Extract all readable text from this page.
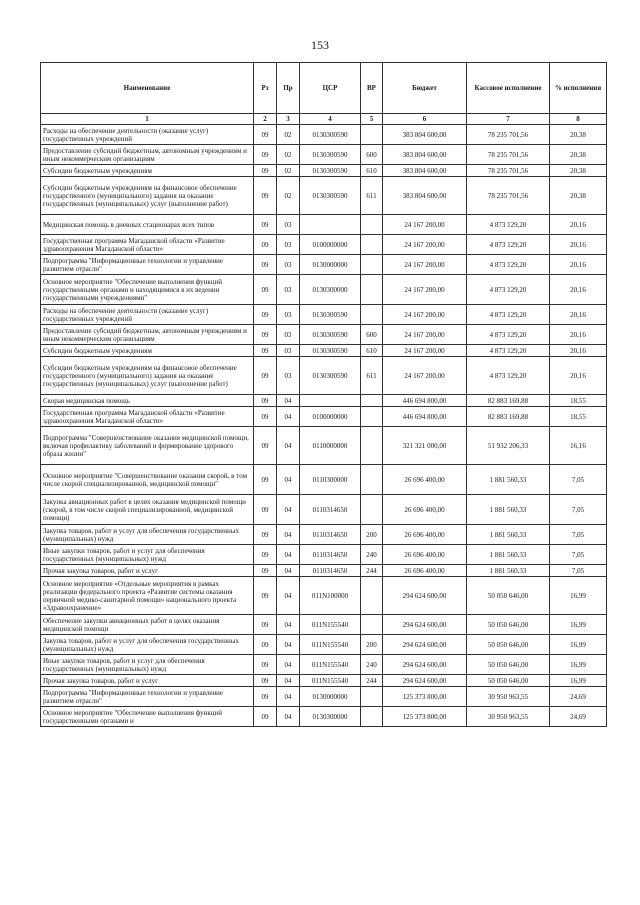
153
Наименование	Рз	Пр	ЦСР	ВР	Бюджет	Кассовое исполнение	% исполнения
1	2	3	4	5	6	7	8
Расходы на обеспечение деятельности (оказание услуг) государственных учреждений	09	02	0130300590		383 804 600,00	78 235 701,56	20,38
Предоставление субсидий бюджетным, автономным учреждениям и иным некоммерческим организациям	09	02	0130300590	600	383 804 600,00	78 235 701,56	20,38
Субсидии бюджетным учреждениям	09	02	0130300590	610	383 804 600,00	78 235 701,56	20,38
Субсидии бюджетным учреждениям на финансовое обеспечение государственного (муниципального) задания на оказание государственных (муниципальных) услуг (выполнение работ)	09	02	0130300590	611	383 804 600,00	78 235 701,56	20,38
Медицинская помощь в дневных стационарах всех типов	09	03			24 167 200,00	4 873 129,20	20,16
Государственная программа Магаданской области «Развитие здравоохранения Магаданской области»	09	03	0100000000		24 167 200,00	4 873 129,20	20,16
Подпрограмма "Информационные технологии и управление развитием отрасли"	09	03	0130000000		24 167 200,00	4 873 129,20	20,16
Основное мероприятие "Обеспечение выполнения функций государственными органами и находящимися в их ведении государственными учреждениями"	09	03	0130300000		24 167 200,00	4 873 129,20	20,16
Расходы на обеспечение деятельности (оказание услуг) государственных учреждений	09	03	0130300590		24 167 200,00	4 873 129,20	20,16
Предоставление субсидий бюджетным, автономным учреждениям и иным некоммерческим организациям	09	03	0130300590	600	24 167 200,00	4 873 129,20	20,16
Субсидии бюджетным учреждениям	09	03	0130300590	610	24 167 200,00	4 873 129,20	20,16
Субсидии бюджетным учреждениям на финансовое обеспечение государственного (муниципального) задания на оказание государственных (муниципальных) услуг (выполнение работ)	09	03	0130300590	611	24 167 200,00	4 873 129,20	20,16
Скорая медицинская помощь	09	04			446 694 800,00	82 883 169,88	18,55
Государственная программа Магаданской области «Развитие здравоохранения Магаданской области»	09	04	0100000000		446 694 800,00	82 883 169,88	18,55
Подпрограмма "Совершенствование оказания медицинской помощи, включая профилактику заболеваний и формирование здорового образа жизни"	09	04	0110000000		321 321 000,00	51 932 206,33	16,16
Основное мероприятие "Совершенствование оказания скорой, в том числе скорой специализированной, медицинской помощи"	09	04	0110300000		26 696 400,00	1 881 560,33	7,05
Закупка авиационных работ в целях оказания медицинской помощи (скорой, в том числе скорой специализированной, медицинской помощи)	09	04	0110314650		26 696 400,00	1 881 560,33	7,05
Закупка товаров, работ и услуг для обеспечения государственных (муниципальных) нужд	09	04	0110314650	200	26 696 400,00	1 881 560,33	7,05
Иные закупки товаров, работ и услуг для обеспечения государственных (муниципальных) нужд	09	04	0110314650	240	26 696 400,00	1 881 560,33	7,05
Прочая закупка товаров, работ и услуг	09	04	0110314650	244	26 696 400,00	1 881 560,33	7,05
Основное мероприятие «Отдельные мероприятия в рамках реализации федерального проекта «Развитие системы оказания первичной медико-санитарной помощи» национального проекта «Здравоохранение»	09	04	011N100000		294 624 600,00	50 050 646,00	16,99
Обеспечение закупки авиационных работ в целях оказания медицинской помощи	09	04	011N155540		294 624 600,00	50 050 646,00	16,99
Закупка товаров, работ и услуг для обеспечения государственных (муниципальных) нужд	09	04	011N155540	200	294 624 600,00	50 050 646,00	16,99
Иные закупки товаров, работ и услуг для обеспечения государственных (муниципальных) нужд	09	04	011N155540	240	294 624 600,00	50 050 646,00	16,99
Прочая закупка товаров, работ и услуг	09	04	011N155540	244	294 624 600,00	50 050 646,00	16,99
Подпрограмма "Информационные технологии и управление развитием отрасли"	09	04	0130000000		125 373 800,00	30 950 963,55	24,69
Основное мероприятие "Обеспечение выполнения функций государственными органами и	09	04	0130300000		125 373 800,00	30 950 963,55	24,69
